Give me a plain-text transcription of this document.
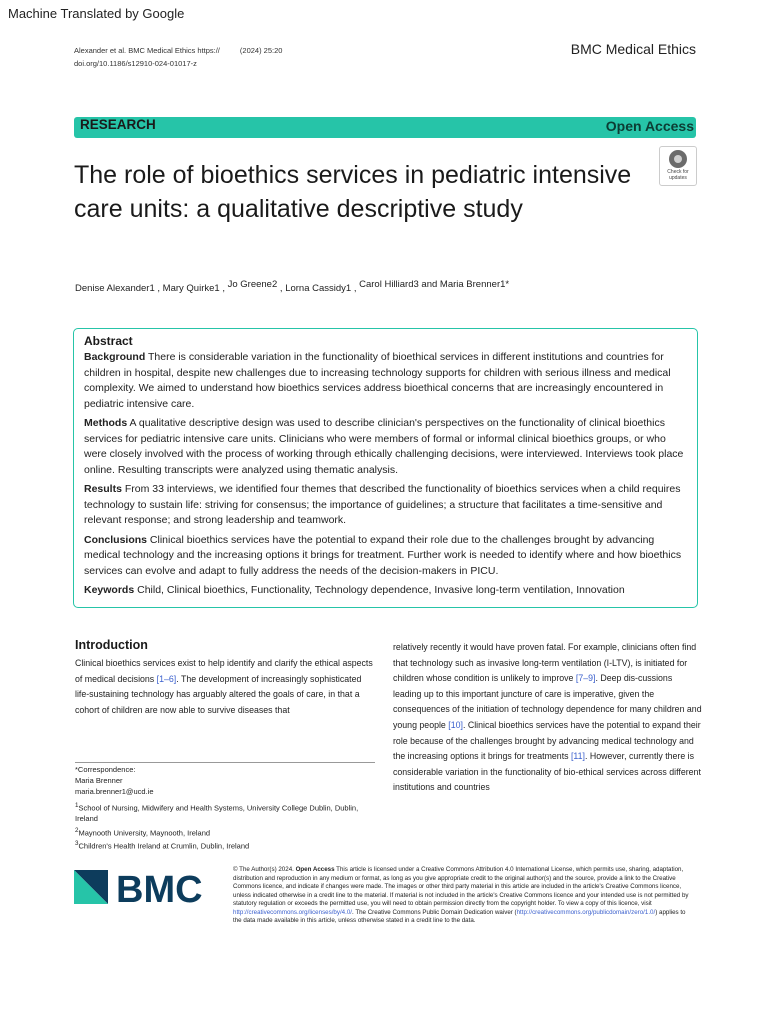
Machine Translated by Google
Alexander et al. BMC Medical Ethics https://	(2024) 25:20
doi.org/10.1186/s12910-024-01017-z
BMC Medical Ethics
RESEARCH	Open Access
The role of bioethics services in pediatric intensive care units: a qualitative descriptive study
Check for updates
Denise Alexander1 , Mary Quirke1 , Jo Greene2 , Lorna Cassidy1 , Carol Hilliard3 and Maria Brenner1*
Abstract

Background There is considerable variation in the functionality of bioethical services in different institutions and countries for children in hospital, despite new challenges due to increasing technology supports for children with serious illness and medical complexity. We aimed to understand how bioethics services address bioethical concerns that are increasingly encountered in pediatric intensive care.

Methods A qualitative descriptive design was used to describe clinician's perspectives on the functionality of clinical bioethics services for pediatric intensive care units. Clinicians who were members of formal or informal clinical bioethics groups, or who were closely involved with the process of working through ethically challenging decisions, were interviewed. Interviews took place online. Resulting transcripts were analyzed using thematic analysis.

Results From 33 interviews, we identified four themes that described the functionality of bioethics services when a child requires technology to sustain life: striving for consensus; the importance of guidelines; a structure that facilitates a time-sensitive and relevant response; and strong leadership and teamwork.

Conclusions Clinical bioethics services have the potential to expand their role due to the challenges brought by advancing medical technology and the increasing options it brings for treatment. Further work is needed to identify where and how bioethics services can evolve and adapt to fully address the needs of the decision-makers in PICU.

Keywords Child, Clinical bioethics, Functionality, Technology dependence, Invasive long-term ventilation, Innovation

Introduction
Clinical bioethics services exist to help identify and clarify the ethical aspects of medical decisions [1–6]. The development of increasingly sophisticated life-sustaining technology has arguably altered the goals of care, in that a cohort of children are now able to survive diseases that
relatively recently it would have proven fatal. For example, clinicians often find that technology such as invasive long-term ventilation (I-LTV), is initiated for children whose condition is unlikely to improve [7–9]. Deep dis-cussions leading up to this important juncture of care is imperative, given the consequences of the initiation of technology dependence for many children and young people [10]. Clinical bioethics services have the potential to expand their role because of the challenges brought by advancing medical technology and the increasing options it brings for treatments [11]. However, currently there is considerable variation in the functionality of bio-ethical services across different institutions and countries
*Correspondence:
Maria Brenner
maria.brenner1@ucd.ie
$^1$School of Nursing, Midwifery and Health Systems, University College Dublin, Dublin, Ireland
$^2$Maynooth University, Maynooth, Ireland
$^3$Children's Health Ireland at Crumlin, Dublin, Ireland
BMC	© The Author(s) 2024. Open Access This article is licensed under a Creative Commons Attribution 4.0 International License, which permits use, sharing, adaptation, distribution and reproduction in any medium or format, as long as you give appropriate credit to the original author(s) and the source, provide a link to the Creative Commons licence, and indicate if changes were made. The images or other third party material in this article are included in the article's Creative Commons licence, unless indicated otherwise in a credit line to the material. If material is not included in the article's Creative Commons licence and your intended use is not permitted by statutory regulation or exceeds the permitted use, you will need to obtain permission directly from the copyright holder. To view a copy of this licence, visit http://creativecommons.org/licenses/by/4.0/. The Creative Commons Public Domain Dedication waiver (http://creativecommons.org/publicdomain/zero/1.0/) applies to the data made available in this article, unless otherwise stated in a credit line to the data.
